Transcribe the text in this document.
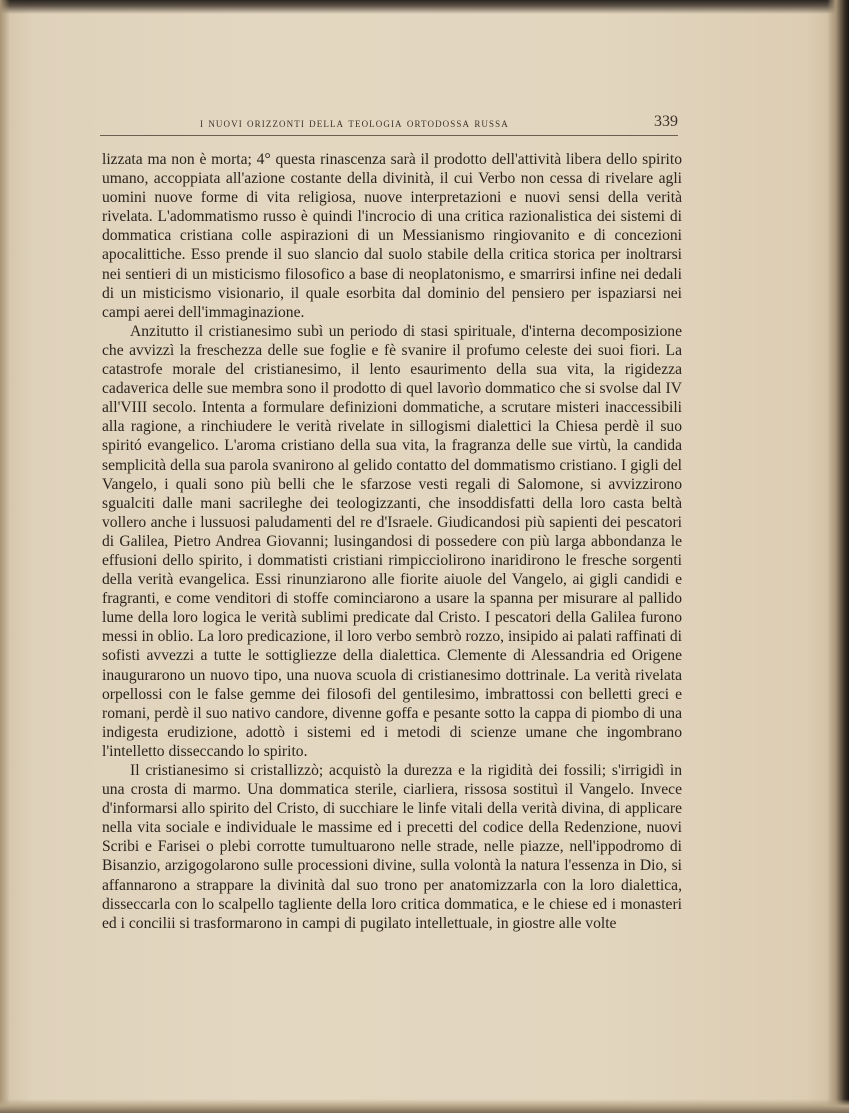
i nuovi orizzonti della teologia ortodossa russa	339

lizzata ma non è morta; 4° questa rinascenza sarà il prodotto dell'attività libera dello spirito umano, accoppiata all'azione costante della divinità, il cui Verbo non cessa di rivelare agli uomini nuove forme di vita religiosa, nuove interpretazioni e nuovi sensi della verità rivelata. L'adommatismo russo è quindi l'incrocio di una critica razionalistica dei sistemi di dommatica cristiana colle aspirazioni di un Messianismo ringiovanito e di concezioni apocalittiche. Esso prende il suo slancio dal suolo stabile della critica storica per inoltrarsi nei sentieri di un misticismo filosofico a base di neoplatonismo, e smarrirsi infine nei dedali di un misticismo visionario, il quale esorbita dal dominio del pensiero per ispaziarsi nei campi aerei dell'immaginazione.

Anzitutto il cristianesimo subì un periodo di stasi spirituale, d'interna decomposizione che avvizzì la freschezza delle sue foglie e fè svanire il profumo celeste dei suoi fiori. La catastrofe morale del cristianesimo, il lento esaurimento della sua vita, la rigidezza cadaverica delle sue membra sono il prodotto di quel lavorìo dommatico che si svolse dal IV all'VIII secolo. Intenta a formulare definizioni dommatiche, a scrutare misteri inaccessibili alla ragione, a rinchiudere le verità rivelate in sillogismi dialettici la Chiesa perdè il suo spiritó evangelico. L'aroma cristiano della sua vita, la fragranza delle sue virtù, la candida semplicità della sua parola svanirono al gelido contatto del dommatismo cristiano. I gigli del Vangelo, i quali sono più belli che le sfarzose vesti regali di Salomone, si avvizzirono sgualciti dalle mani sacrileghe dei teologizzanti, che insoddisfatti della loro casta beltà vollero anche i lussuosi paludamenti del re d'Israele. Giudicandosi più sapienti dei pescatori di Galilea, Pietro Andrea Giovanni; lusingandosi di possedere con più larga abbondanza le effusioni dello spirito, i dommatisti cristiani rimpicciolirono inaridirono le fresche sorgenti della verità evangelica. Essi rinunziarono alle fiorite aiuole del Vangelo, ai gigli candidi e fragranti, e come venditori di stoffe cominciarono a usare la spanna per misurare al pallido lume della loro logica le verità sublimi predicate dal Cristo. I pescatori della Galilea furono messi in oblio. La loro predicazione, il loro verbo sembrò rozzo, insipido ai palati raffinati di sofisti avvezzi a tutte le sottigliezze della dialettica. Clemente di Alessandria ed Origene inaugurarono un nuovo tipo, una nuova scuola di cristianesimo dottrinale. La verità rivelata orpellossi con le false gemme dei filosofi del gentilesimo, imbrattossi con belletti greci e romani, perdè il suo nativo candore, divenne goffa e pesante sotto la cappa di piombo di una indigesta erudizione, adottò i sistemi ed i metodi di scienze umane che ingombrano l'intelletto disseccando lo spirito.

Il cristianesimo si cristallizzò; acquistò la durezza e la rigidità dei fossili; s'irrigidì in una crosta di marmo. Una dommatica sterile, ciarliera, rissosa sostituì il Vangelo. Invece d'informarsi allo spirito del Cristo, di succhiare le linfe vitali della verità divina, di applicare nella vita sociale e individuale le massime ed i precetti del codice della Redenzione, nuovi Scribi e Farisei o plebi corrotte tumultuarono nelle strade, nelle piazze, nell'ippodromo di Bisanzio, arzigogolarono sulle processioni divine, sulla volontà la natura l'essenza in Dio, si affannarono a strappare la divinità dal suo trono per anatomizzarla con la loro dialettica, disseccarla con lo scalpello tagliente della loro critica dommatica, e le chiese ed i monasteri ed i concilii si trasformarono in campi di pugilato intellettuale, in giostre alle volte
